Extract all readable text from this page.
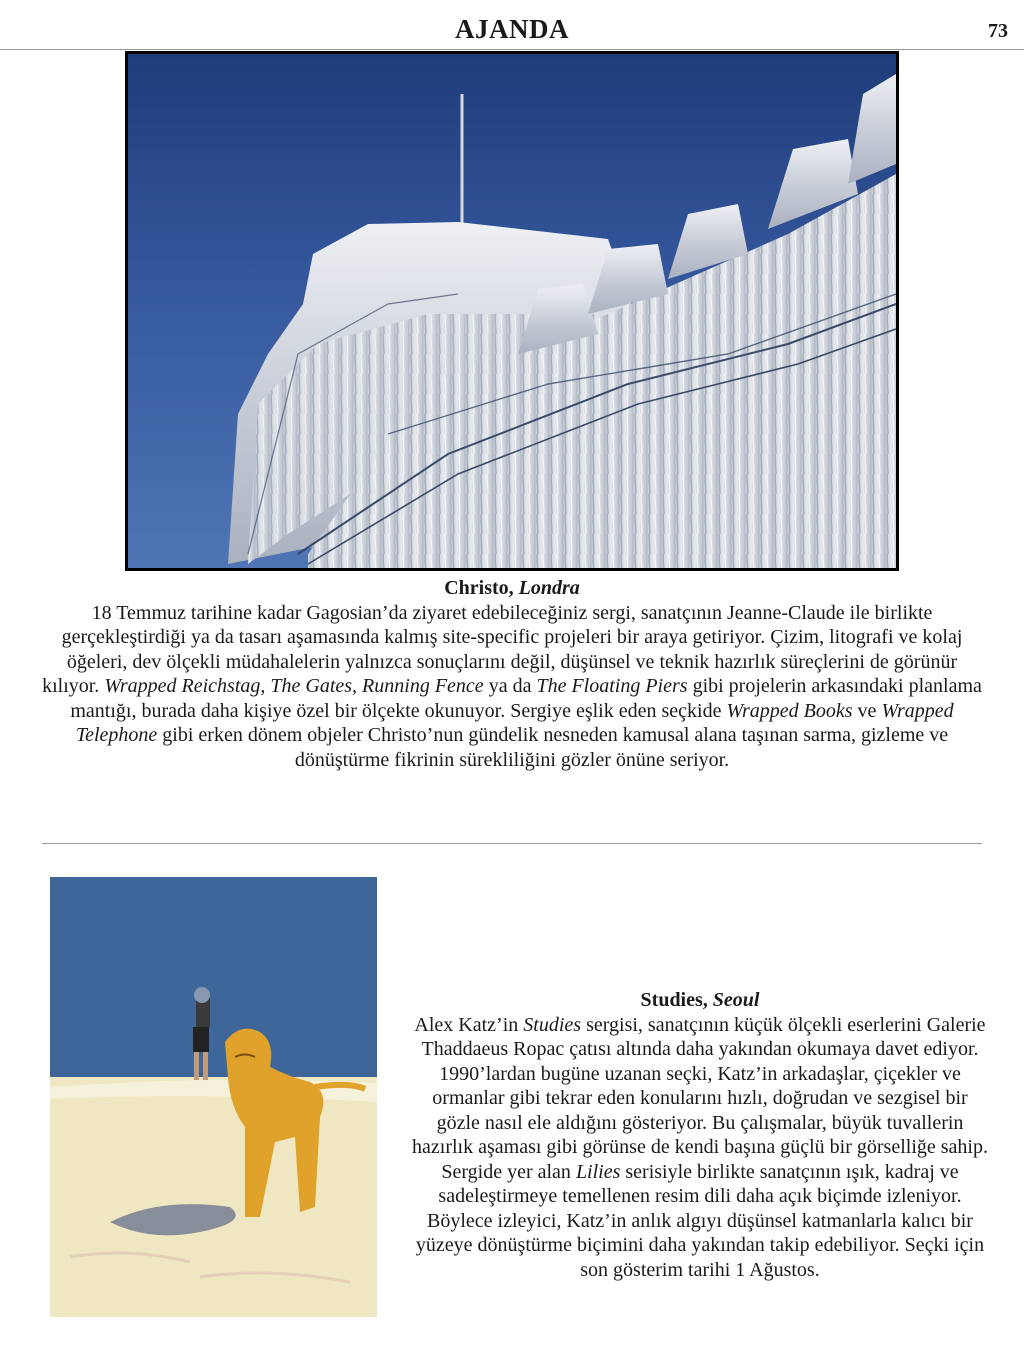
AJANDA	73
Christo, Londra

18 Temmuz tarihine kadar Gagosian’da ziyaret edebileceğiniz sergi, sanatçının Jeanne-Claude ile birlikte gerçekleştirdiği ya da tasarı aşamasında kalmış site-specific projeleri bir araya getiriyor. Çizim, litografi ve kolaj öğeleri, dev ölçekli müdahalelerin yalnızca sonuçlarını değil, düşünsel ve teknik hazırlık süreçlerini de görünür kılıyor. Wrapped Reichstag, The Gates, Running Fence ya da The Floating Piers gibi projelerin arkasındaki planlama mantığı, burada daha kişiye özel bir ölçekte okunuyor. Sergiye eşlik eden seçkide Wrapped Books ve Wrapped Telephone gibi erken dönem objeler Christo’nun gündelik nesneden kamusal alana taşınan sarma, gizleme ve dönüştürme fikrinin sürekliliğini gözler önüne seriyor.

Studies, Seoul

Alex Katz’in Studies sergisi, sanatçının küçük ölçekli eserlerini Galerie Thaddaeus Ropac çatısı altında daha yakından okumaya davet ediyor. 1990’lardan bugüne uzanan seçki, Katz’in arkadaşlar, çiçekler ve ormanlar gibi tekrar eden konularını hızlı, doğrudan ve sezgisel bir gözle nasıl ele aldığını gösteriyor. Bu çalışmalar, büyük tuvallerin hazırlık aşaması gibi görünse de kendi başına güçlü bir görselliğe sahip. Sergide yer alan Lilies serisiyle birlikte sanatçının ışık, kadraj ve sadeleştirmeye temellenen resim dili daha açık biçimde izleniyor. Böylece izleyici, Katz’in anlık algıyı düşünsel katmanlarla kalıcı bir yüzeye dönüştürme biçimini daha yakından takip edebiliyor. Seçki için son gösterim tarihi 1 Ağustos.
